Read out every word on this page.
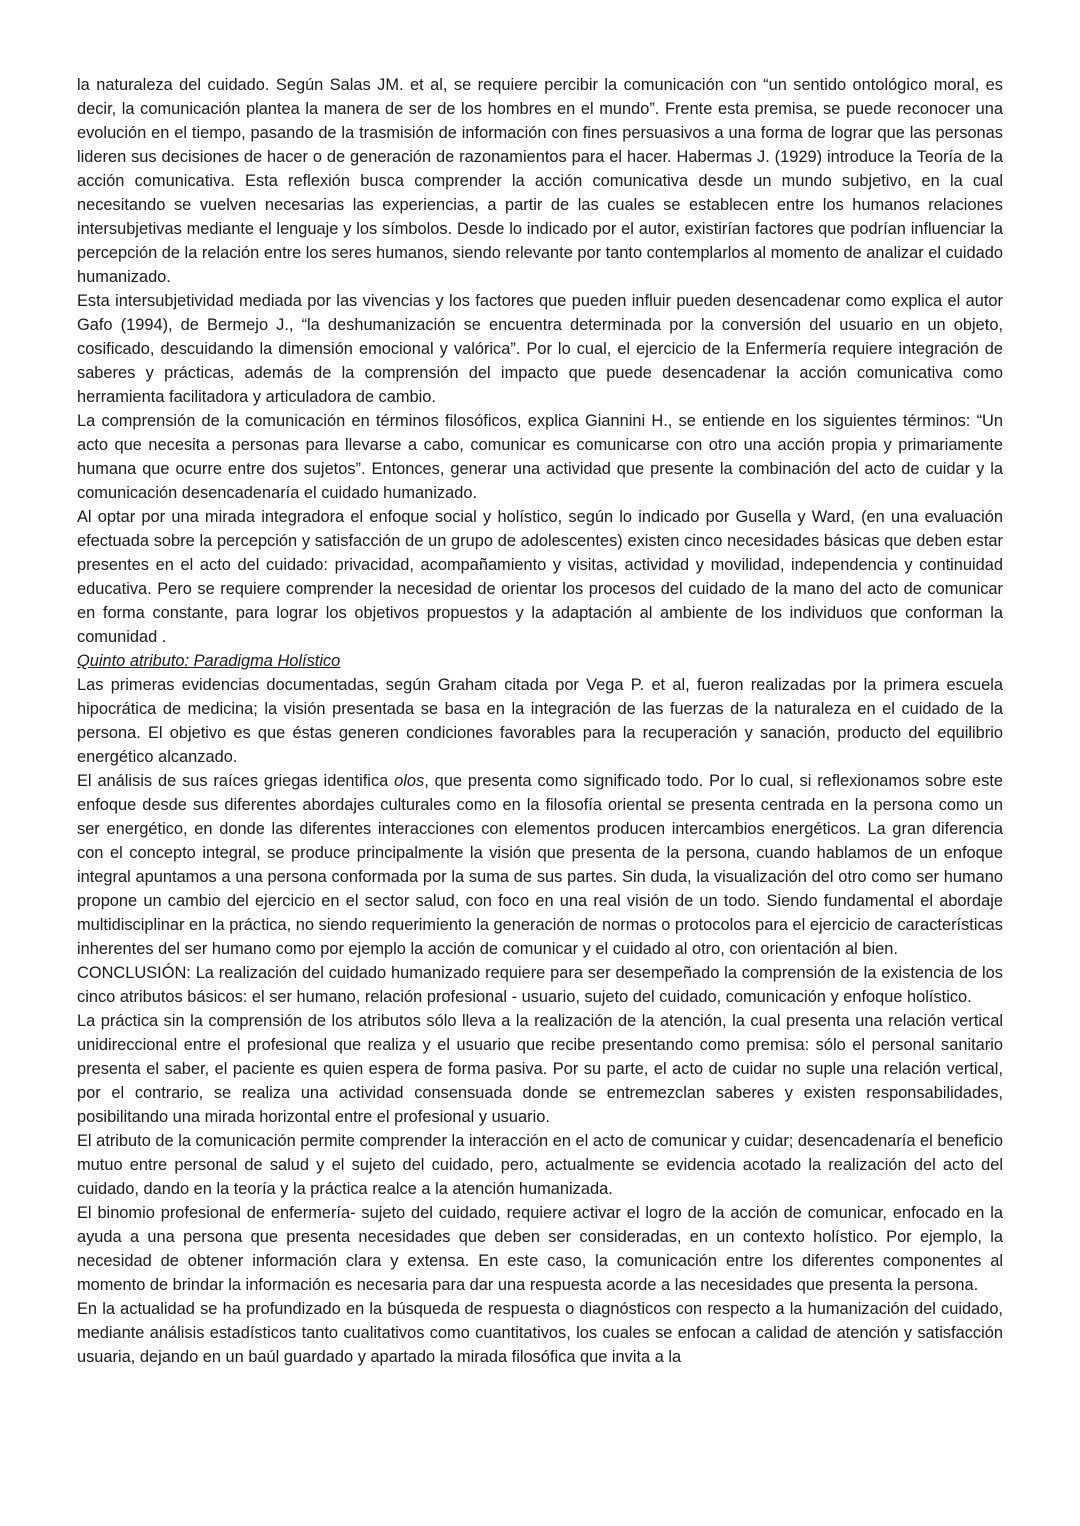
la naturaleza del cuidado. Según Salas JM. et al, se requiere percibir la comunicación con “un sentido ontológico moral, es decir, la comunicación plantea la manera de ser de los hombres en el mundo”. Frente esta premisa, se puede reconocer una evolución en el tiempo, pasando de la trasmisión de información con fines persuasivos a una forma de lograr que las personas lideren sus decisiones de hacer o de generación de razonamientos para el hacer. Habermas J. (1929) introduce la Teoría de la acción comunicativa. Esta reflexión busca comprender la acción comunicativa desde un mundo subjetivo, en la cual necesitando se vuelven necesarias las experiencias, a partir de las cuales se establecen entre los humanos relaciones intersubjetivas mediante el lenguaje y los símbolos. Desde lo indicado por el autor, existirían factores que podrían influenciar la percepción de la relación entre los seres humanos, siendo relevante por tanto contemplarlos al momento de analizar el cuidado humanizado.

Esta intersubjetividad mediada por las vivencias y los factores que pueden influir pueden desencadenar como explica el autor Gafo (1994), de Bermejo J., “la deshumanización se encuentra determinada por la conversión del usuario en un objeto, cosificado, descuidando la dimensión emocional y valórica”. Por lo cual, el ejercicio de la Enfermería requiere integración de saberes y prácticas, además de la comprensión del impacto que puede desencadenar la acción comunicativa como herramienta facilitadora y articuladora de cambio.

La comprensión de la comunicación en términos filosóficos, explica Giannini H., se entiende en los siguientes términos: “Un acto que necesita a personas para llevarse a cabo, comunicar es comunicarse con otro una acción propia y primariamente humana que ocurre entre dos sujetos”. Entonces, generar una actividad que presente la combinación del acto de cuidar y la comunicación desencadenaría el cuidado humanizado.

Al optar por una mirada integradora el enfoque social y holístico, según lo indicado por Gusella y Ward, (en una evaluación efectuada sobre la percepción y satisfacción de un grupo de adolescentes) existen cinco necesidades básicas que deben estar presentes en el acto del cuidado: privacidad, acompañamiento y visitas, actividad y movilidad, independencia y continuidad educativa. Pero se requiere comprender la necesidad de orientar los procesos del cuidado de la mano del acto de comunicar en forma constante, para lograr los objetivos propuestos y la adaptación al ambiente de los individuos que conforman la comunidad .

Quinto atributo: Paradigma Holístico

Las primeras evidencias documentadas, según Graham citada por Vega P. et al, fueron realizadas por la primera escuela hipocrática de medicina; la visión presentada se basa en la integración de las fuerzas de la naturaleza en el cuidado de la persona. El objetivo es que éstas generen condiciones favorables para la recuperación y sanación, producto del equilibrio energético alcanzado.

El análisis de sus raíces griegas identifica olos, que presenta como significado todo. Por lo cual, si reflexionamos sobre este enfoque desde sus diferentes abordajes culturales como en la filosofía oriental se presenta centrada en la persona como un ser energético, en donde las diferentes interacciones con elementos producen intercambios energéticos. La gran diferencia con el concepto integral, se produce principalmente la visión que presenta de la persona, cuando hablamos de un enfoque integral apuntamos a una persona conformada por la suma de sus partes. Sin duda, la visualización del otro como ser humano propone un cambio del ejercicio en el sector salud, con foco en una real visión de un todo. Siendo fundamental el abordaje multidisciplinar en la práctica, no siendo requerimiento la generación de normas o protocolos para el ejercicio de características inherentes del ser humano como por ejemplo la acción de comunicar y el cuidado al otro, con orientación al bien.

CONCLUSIÓN: La realización del cuidado humanizado requiere para ser desempeñado la comprensión de la existencia de los cinco atributos básicos: el ser humano, relación profesional - usuario, sujeto del cuidado, comunicación y enfoque holístico.

La práctica sin la comprensión de los atributos sólo lleva a la realización de la atención, la cual presenta una relación vertical unidireccional entre el profesional que realiza y el usuario que recibe presentando como premisa: sólo el personal sanitario presenta el saber, el paciente es quien espera de forma pasiva. Por su parte, el acto de cuidar no suple una relación vertical, por el contrario, se realiza una actividad consensuada donde se entremezclan saberes y existen responsabilidades, posibilitando una mirada horizontal entre el profesional y usuario.

El atributo de la comunicación permite comprender la interacción en el acto de comunicar y cuidar; desencadenaría el beneficio mutuo entre personal de salud y el sujeto del cuidado, pero, actualmente se evidencia acotado la realización del acto del cuidado, dando en la teoría y la práctica realce a la atención humanizada.

El binomio profesional de enfermería- sujeto del cuidado, requiere activar el logro de la acción de comunicar, enfocado en la ayuda a una persona que presenta necesidades que deben ser consideradas, en un contexto holístico. Por ejemplo, la necesidad de obtener información clara y extensa. En este caso, la comunicación entre los diferentes componentes al momento de brindar la información es necesaria para dar una respuesta acorde a las necesidades que presenta la persona.

En la actualidad se ha profundizado en la búsqueda de respuesta o diagnósticos con respecto a la humanización del cuidado, mediante análisis estadísticos tanto cualitativos como cuantitativos, los cuales se enfocan a calidad de atención y satisfacción usuaria, dejando en un baúl guardado y apartado la mirada filosófica que invita a la
